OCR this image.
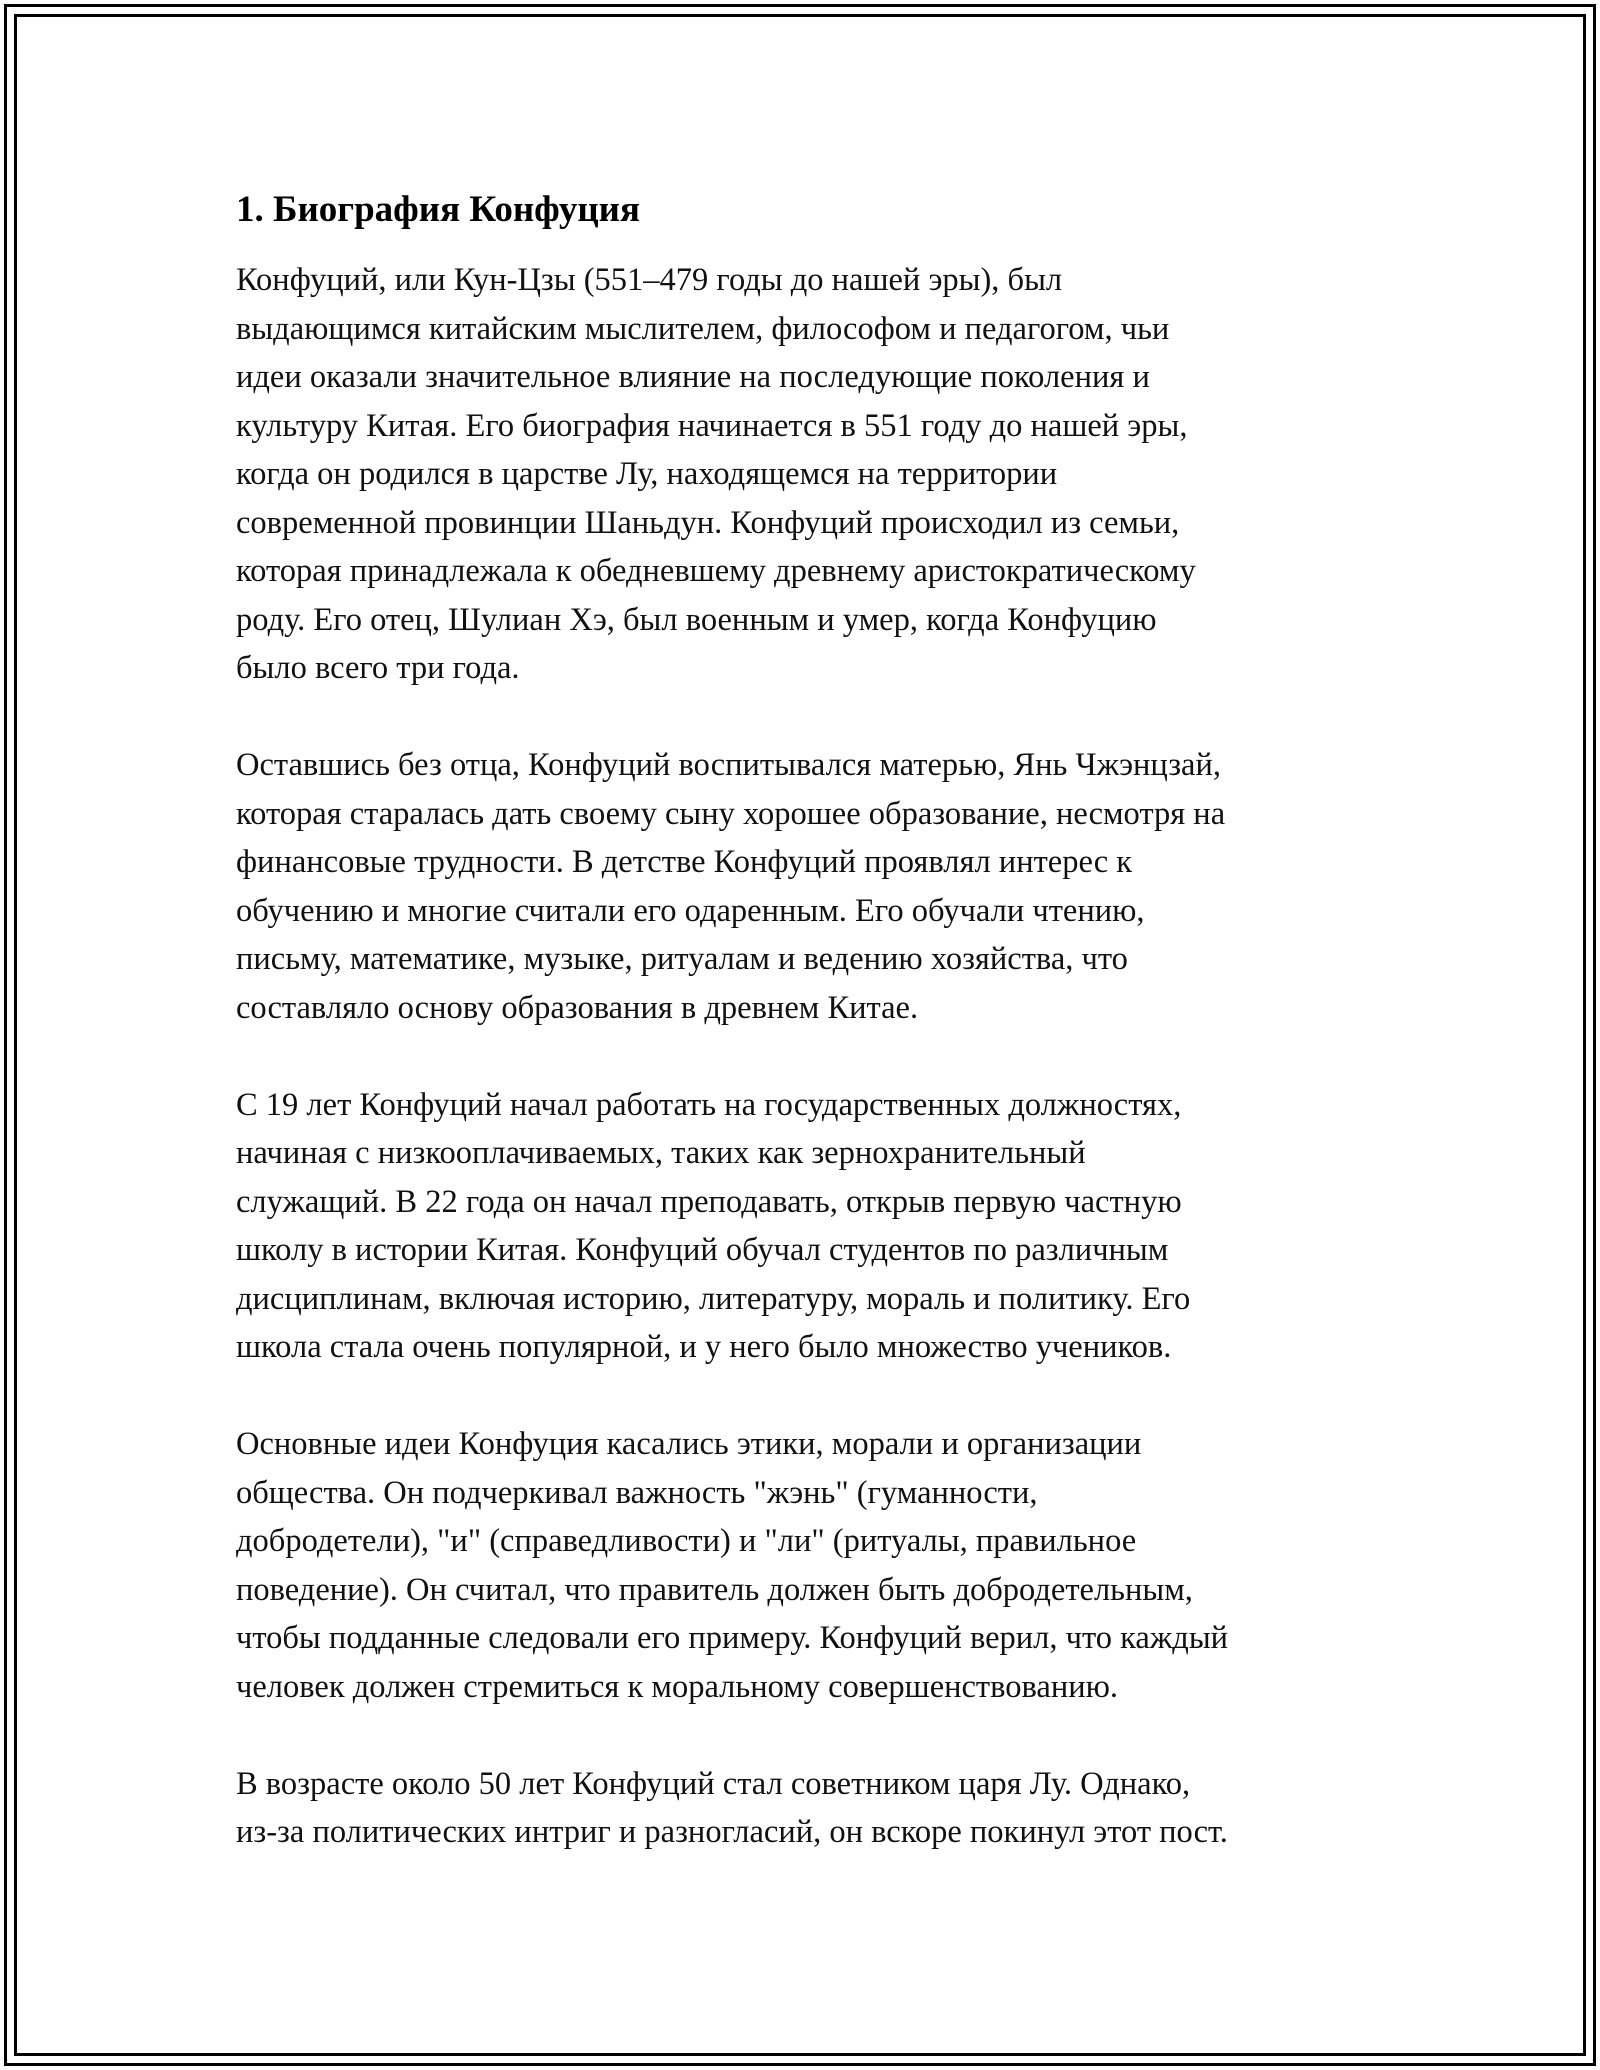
1. Биография Конфуция

Конфуций, или Кун-Цзы (551–479 годы до нашей эры), был
выдающимся китайским мыслителем, философом и педагогом, чьи
идеи оказали значительное влияние на последующие поколения и
культуру Китая. Его биография начинается в 551 году до нашей эры,
когда он родился в царстве Лу, находящемся на территории
современной провинции Шаньдун. Конфуций происходил из семьи,
которая принадлежала к обедневшему древнему аристократическому
роду. Его отец, Шулиан Хэ, был военным и умер, когда Конфуцию
было всего три года.

Оставшись без отца, Конфуций воспитывался матерью, Янь Чжэнцзай,
которая старалась дать своему сыну хорошее образование, несмотря на
финансовые трудности. В детстве Конфуций проявлял интерес к
обучению и многие считали его одаренным. Его обучали чтению,
письму, математике, музыке, ритуалам и ведению хозяйства, что
составляло основу образования в древнем Китае.

С 19 лет Конфуций начал работать на государственных должностях,
начиная с низкооплачиваемых, таких как зернохранительный
служащий. В 22 года он начал преподавать, открыв первую частную
школу в истории Китая. Конфуций обучал студентов по различным
дисциплинам, включая историю, литературу, мораль и политику. Его
школа стала очень популярной, и у него было множество учеников.

Основные идеи Конфуция касались этики, морали и организации
общества. Он подчеркивал важность "жэнь" (гуманности,
добродетели), "и" (справедливости) и "ли" (ритуалы, правильное
поведение). Он считал, что правитель должен быть добродетельным,
чтобы подданные следовали его примеру. Конфуций верил, что каждый
человек должен стремиться к моральному совершенствованию.

В возрасте около 50 лет Конфуций стал советником царя Лу. Однако,
из-за политических интриг и разногласий, он вскоре покинул этот пост.
